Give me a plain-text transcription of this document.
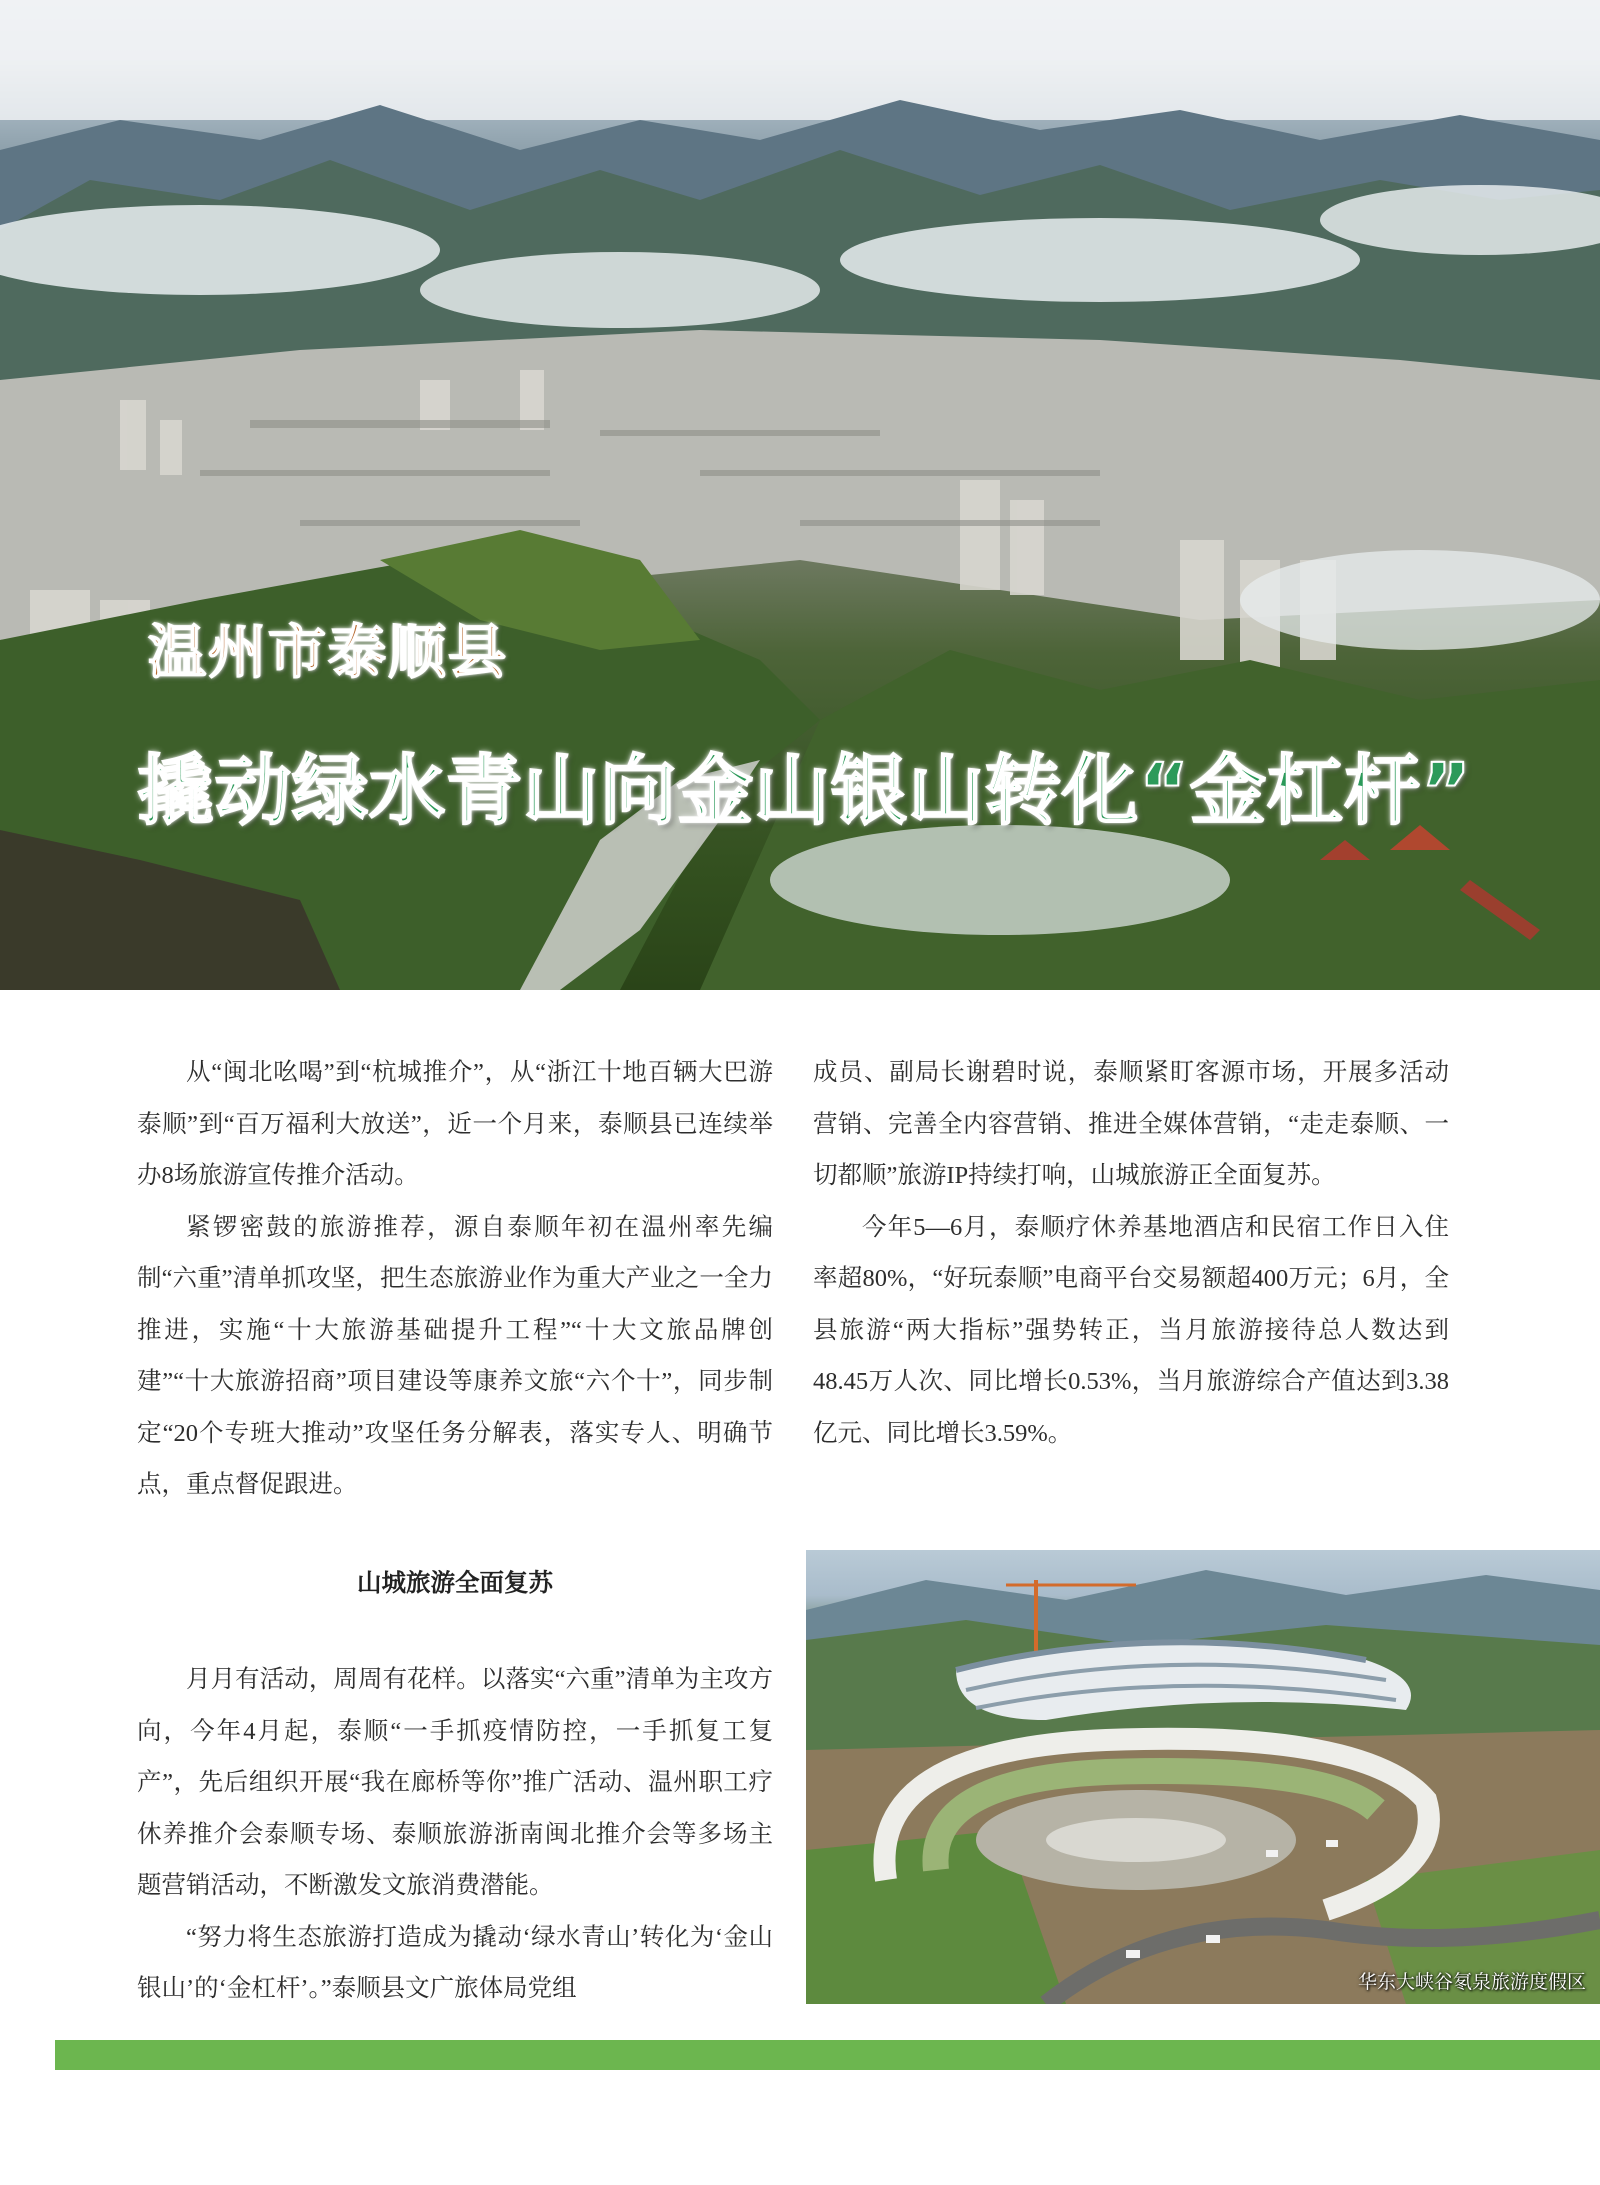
温州市泰顺县
撬动绿水青山向金山银山转化“金杠杆”

从“闽北吆喝”到“杭城推介”，从“浙江十地百辆大巴游泰顺”到“百万福利大放送”，近一个月来，泰顺县已连续举办8场旅游宣传推介活动。

紧锣密鼓的旅游推荐，源自泰顺年初在温州率先编制“六重”清单抓攻坚，把生态旅游业作为重大产业之一全力推进，实施“十大旅游基础提升工程”“十大文旅品牌创建”“十大旅游招商”项目建设等康养文旅“六个十”，同步制定“20个专班大推动”攻坚任务分解表，落实专人、明确节点，重点督促跟进。

山城旅游全面复苏

月月有活动，周周有花样。以落实“六重”清单为主攻方向，今年4月起，泰顺“一手抓疫情防控，一手抓复工复产”，先后组织开展“我在廊桥等你”推广活动、温州职工疗休养推介会泰顺专场、泰顺旅游浙南闽北推介会等多场主题营销活动，不断激发文旅消费潜能。

“努力将生态旅游打造成为撬动‘绿水青山’转化为‘金山银山’的‘金杠杆’。”泰顺县文广旅体局党组

成员、副局长谢碧时说，泰顺紧盯客源市场，开展多活动营销、完善全内容营销、推进全媒体营销，“走走泰顺、一切都顺”旅游IP持续打响，山城旅游正全面复苏。

今年5—6月，泰顺疗休养基地酒店和民宿工作日入住率超80%，“好玩泰顺”电商平台交易额超400万元；6月，全县旅游“两大指标”强势转正，当月旅游接待总人数达到48.45万人次、同比增长0.53%，当月旅游综合产值达到3.38亿元、同比增长3.59%。

华东大峡谷氡泉旅游度假区
